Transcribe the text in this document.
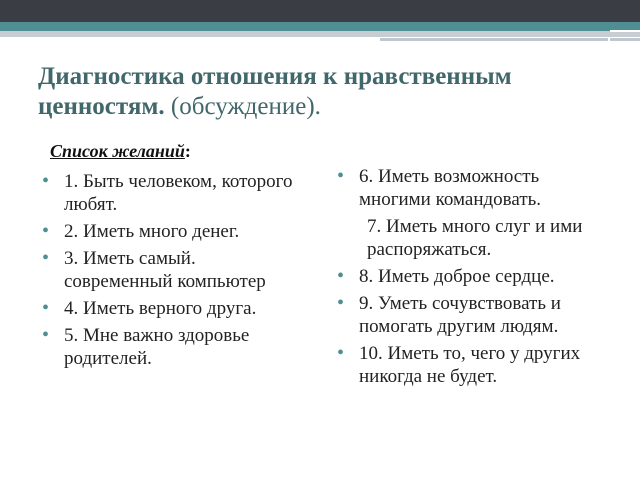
Диагностика отношения к нравственным ценностям. (обсуждение).
Список желаний:
• 1. Быть человеком, которого любят.
• 2. Иметь много денег.
• 3. Иметь самый. современный компьютер
• 4. Иметь верного друга.
• 5. Мне важно здоровье родителей.
• 6. Иметь возможность многими командовать.
7. Иметь много слуг и ими распоряжаться.
• 8. Иметь доброе сердце.
• 9. Уметь сочувствовать и помогать другим людям.
• 10. Иметь то, чего у других никогда не будет.
